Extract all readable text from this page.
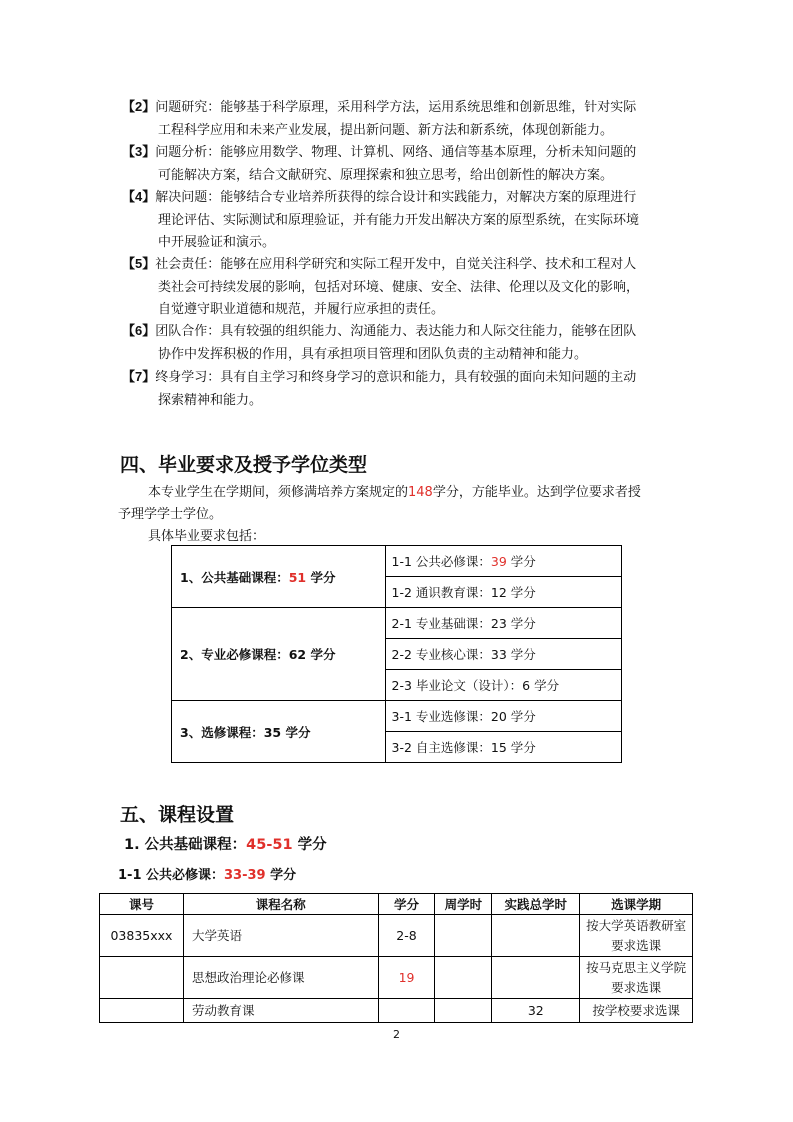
【2】问题研究：能够基于科学原理，采用科学方法，运用系统思维和创新思维，针对实际
工程科学应用和未来产业发展，提出新问题、新方法和新系统，体现创新能力。
【3】问题分析：能够应用数学、物理、计算机、网络、通信等基本原理，分析未知问题的
可能解决方案，结合文献研究、原理探索和独立思考，给出创新性的解决方案。
【4】解决问题：能够结合专业培养所获得的综合设计和实践能力，对解决方案的原理进行
理论评估、实际测试和原理验证，并有能力开发出解决方案的原型系统，在实际环境
中开展验证和演示。
【5】社会责任：能够在应用科学研究和实际工程开发中，自觉关注科学、技术和工程对人
类社会可持续发展的影响，包括对环境、健康、安全、法律、伦理以及文化的影响，
自觉遵守职业道德和规范，并履行应承担的责任。
【6】团队合作：具有较强的组织能力、沟通能力、表达能力和人际交往能力，能够在团队
协作中发挥积极的作用，具有承担项目管理和团队负责的主动精神和能力。
【7】终身学习：具有自主学习和终身学习的意识和能力，具有较强的面向未知问题的主动
探索精神和能力。
四、毕业要求及授予学位类型
本专业学生在学期间，须修满培养方案规定的148学分，方能毕业。达到学位要求者授
予理学学士学位。
具体毕业要求包括：
1、公共基础课程：51 学分	1-1 公共必修课：39 学分
	1-2 通识教育课：12 学分
2、专业必修课程：62 学分	2-1 专业基础课：23 学分
	2-2 专业核心课：33 学分
	2-3 毕业论文（设计）：6 学分
3、选修课程：35 学分	3-1 专业选修课：20 学分
	3-2 自主选修课：15 学分
五、课程设置
1. 公共基础课程：45-51 学分
1-1 公共必修课：33-39 学分
课号	课程名称	学分	周学时	实践总学时	选课学期
03835xxx	大学英语	2-8			按大学英语教研室要求选课
	思想政治理论必修课	19			按马克思主义学院要求选课
	劳动教育课			32	按学校要求选课
2
